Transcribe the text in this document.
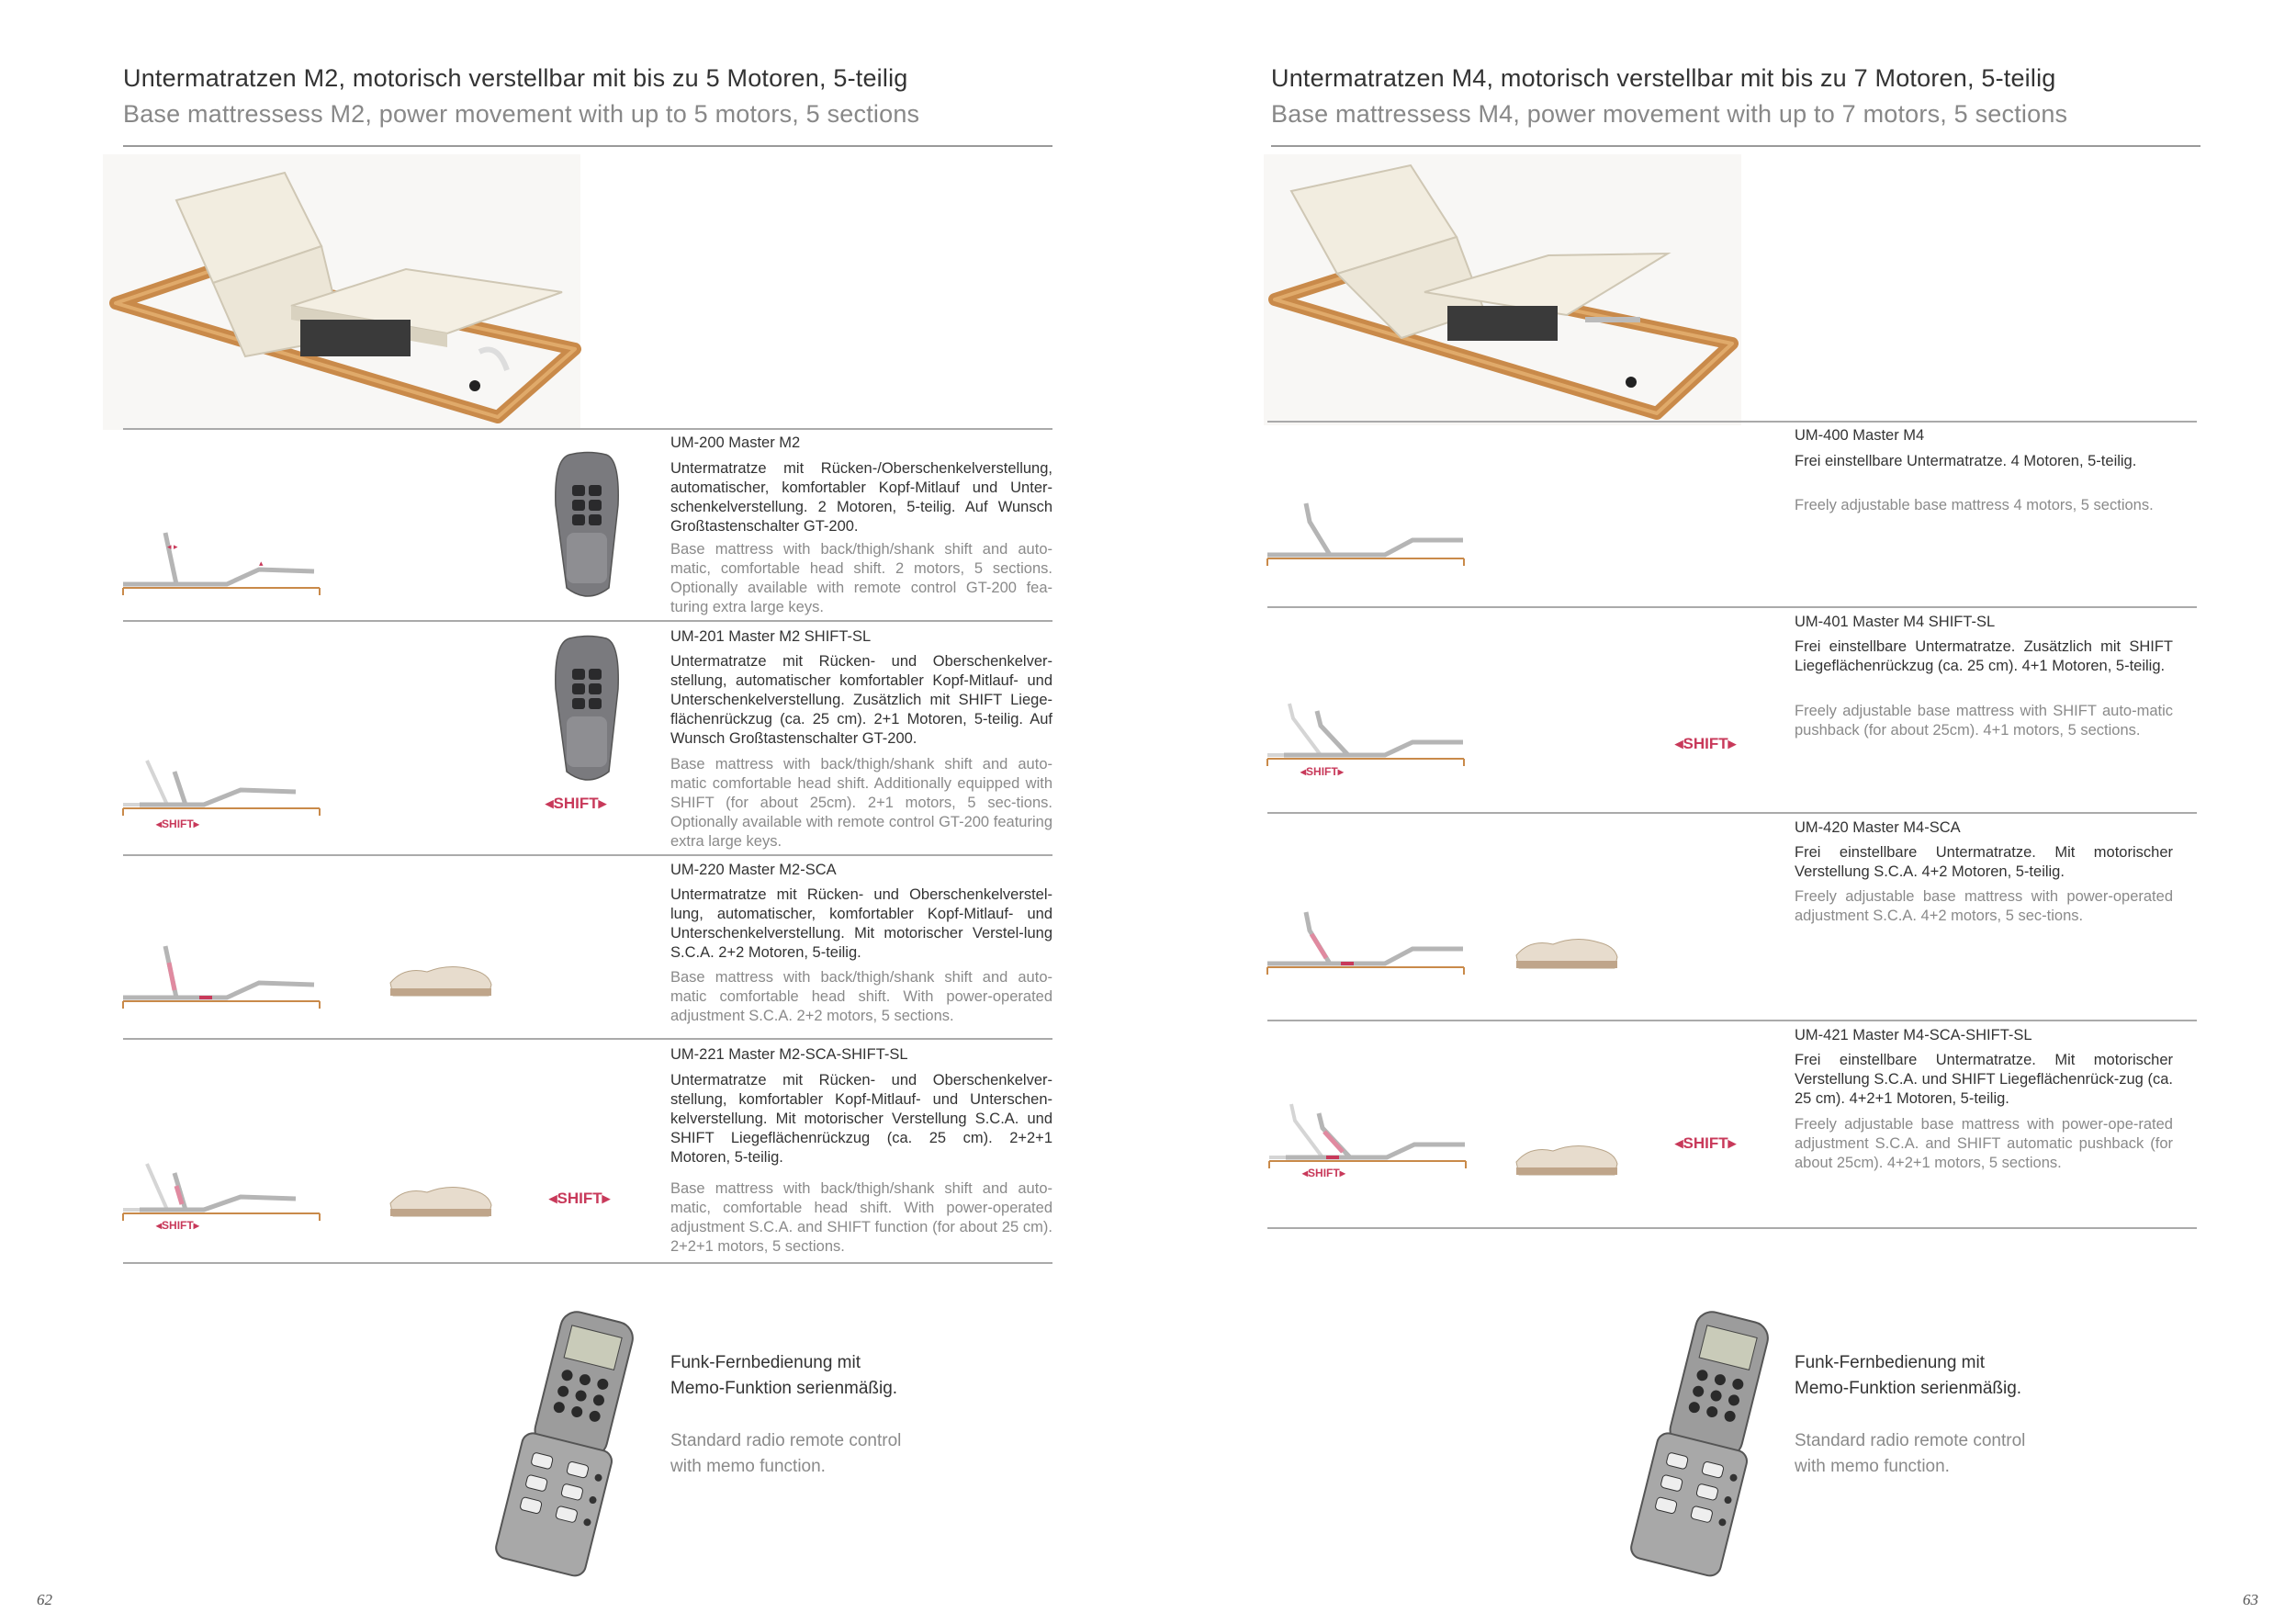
Untermatratzen M2, motorisch verstellbar mit bis zu 5 Motoren, 5-teilig
Base mattressess M2, power movement with up to 5 motors, 5 sections
◂ ▸
▴
UM-200 Master M2
Untermatratze mit Rücken-/Oberschenkelverstellung, automatischer, komfortabler Kopf-Mitlauf und Unter-schenkelverstellung. 2 Motoren, 5-teilig. Auf Wunsch Großtastenschalter GT-200.
Base mattress with back/thigh/shank shift and auto-matic, comfortable head shift. 2 motors, 5 sections. Optionally available with remote control GT-200 fea-turing extra large keys.
◂SHIFT▸
◂SHIFT▸
UM-201 Master M2 SHIFT-SL
Untermatratze mit Rücken- und Oberschenkelver-stellung, automatischer komfortabler Kopf-Mitlauf- und Unterschenkelverstellung. Zusätzlich mit SHIFT Liege-flächenrückzug (ca. 25 cm). 2+1 Motoren, 5-teilig. Auf Wunsch Großtastenschalter GT-200.
Base mattress with back/thigh/shank shift and auto-matic comfortable head shift. Additionally equipped with SHIFT (for about 25cm). 2+1 motors, 5 sec-tions. Optionally available with remote control GT-200 featuring extra large keys.
UM-220 Master M2-SCA
Untermatratze mit Rücken- und Oberschenkelverstel-lung, automatischer, komfortabler Kopf-Mitlauf- und Unterschenkelverstellung. Mit motorischer Verstel-lung S.C.A. 2+2 Motoren, 5-teilig.
Base mattress with back/thigh/shank shift and auto-matic comfortable head shift. With power-operated adjustment S.C.A. 2+2 motors, 5 sections.
◂SHIFT▸
◂SHIFT▸
UM-221 Master M2-SCA-SHIFT-SL
Untermatratze mit Rücken- und Oberschenkelver-stellung, komfortabler Kopf-Mitlauf- und Unterschen-kelverstellung. Mit motorischer Verstellung S.C.A. und SHIFT Liegeflächenrückzug (ca. 25 cm). 2+2+1 Motoren, 5-teilig.
Base mattress with back/thigh/shank shift and auto-matic, comfortable head shift. With power-operated adjustment S.C.A. and SHIFT function (for about 25 cm). 2+2+1 motors, 5 sections.
Funk-Fernbedienung mit
Memo-Funktion serienmäßig.
Standard radio remote control
with memo function.
62
Untermatratzen M4, motorisch verstellbar mit bis zu 7 Motoren, 5-teilig
Base mattressess M4, power movement with up to 7 motors, 5 sections
UM-400 Master M4
Frei einstellbare Untermatratze. 4 Motoren, 5-teilig.
Freely adjustable base mattress 4 motors, 5 sections.
◂SHIFT▸
◂SHIFT▸
UM-401 Master M4 SHIFT-SL
Frei einstellbare Untermatratze. Zusätzlich mit SHIFT Liegeflächenrückzug (ca. 25 cm). 4+1 Motoren, 5-teilig.
Freely adjustable base mattress with SHIFT auto-matic pushback (for about 25cm). 4+1 motors, 5 sections.
UM-420 Master M4-SCA
Frei einstellbare Untermatratze. Mit motorischer Verstellung S.C.A. 4+2 Motoren, 5-teilig.
Freely adjustable base mattress with power-operated adjustment S.C.A. 4+2 motors, 5 sec-tions.
◂SHIFT▸
◂SHIFT▸
UM-421 Master M4-SCA-SHIFT-SL
Frei einstellbare Untermatratze. Mit motorischer Verstellung S.C.A. und SHIFT Liegeflächenrück-zug (ca. 25 cm). 4+2+1 Motoren, 5-teilig.
Freely adjustable base mattress with power-ope-rated adjustment S.C.A. and SHIFT automatic pushback (for about 25cm). 4+2+1 motors, 5 sections.
Funk-Fernbedienung mit
Memo-Funktion serienmäßig.
Standard radio remote control
with memo function.
63
